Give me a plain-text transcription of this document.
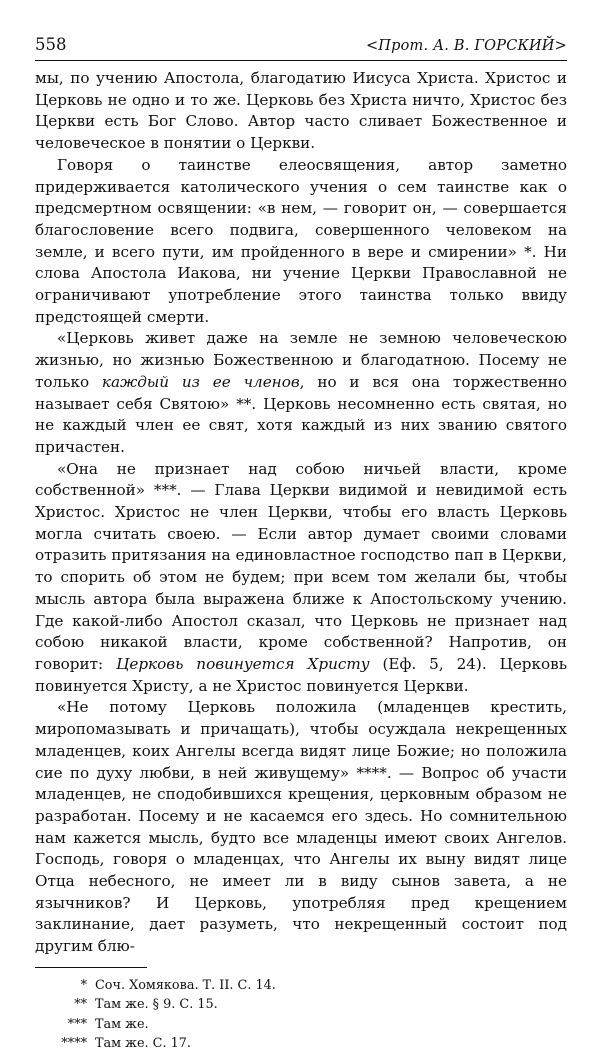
558	<Прот. А. В. ГОРСКИЙ>

мы, по учению Апостола, благодатию Иисуса Христа. Христос и Церковь не одно и то же. Церковь без Христа ничто, Христос без Церкви есть Бог Слово. Автор часто сливает Божественное и человеческое в понятии о Церкви.

Говоря о таинстве елеосвящения, автор заметно придерживается католического учения о сем таинстве как о предсмертном освящении: «в нем, — говорит он, — совершается благословение всего подвига, совершенного человеком на земле, и всего пути, им пройденного в вере и смирении» *. Ни слова Апостола Иакова, ни учение Церкви Православной не ограничивают употребление этого таинства только ввиду предстоящей смерти.

«Церковь живет даже на земле не земною человеческою жизнью, но жизнью Божественною и благодатною. Посему не только каждый из ее членов, но и вся она торжественно называет себя Святою» **. Церковь несомненно есть святая, но не каждый член ее свят, хотя каждый из них званию святого причастен.

«Она не признает над собою ничьей власти, кроме собственной» ***. — Глава Церкви видимой и невидимой есть Христос. Христос не член Церкви, чтобы его власть Церковь могла считать своею. — Если автор думает своими словами отразить притязания на единовластное господство пап в Церкви, то спорить об этом не будем; при всем том желали бы, чтобы мысль автора была выражена ближе к Апостольскому учению. Где какой-либо Апостол сказал, что Церковь не признает над собою никакой власти, кроме собственной? Напротив, он говорит: Церковь повинуется Христу (Еф. 5, 24). Церковь повинуется Христу, а не Христос повинуется Церкви.

«Не потому Церковь положила (младенцев крестить, миропомазывать и причащать), чтобы осуждала некрещенных младенцев, коих Ангелы всегда видят лице Божие; но положила сие по духу любви, в ней живущему» ****. — Вопрос об участи младенцев, не сподобившихся крещения, церковным образом не разработан. Посему и не касаемся его здесь. Но сомнительною нам кажется мысль, будто все младенцы имеют своих Ангелов. Господь, говоря о младенцах, что Ангелы их выну видят лице Отца небесного, не имеет ли в виду сынов завета, а не язычников? И Церковь, употребляя пред крещением заклинание, дает разуметь, что некрещенный состоит под другим блю-

* Соч. Хомякова. Т. II. С. 14.
** Там же. § 9. С. 15.
*** Там же.
**** Там же. С. 17.
